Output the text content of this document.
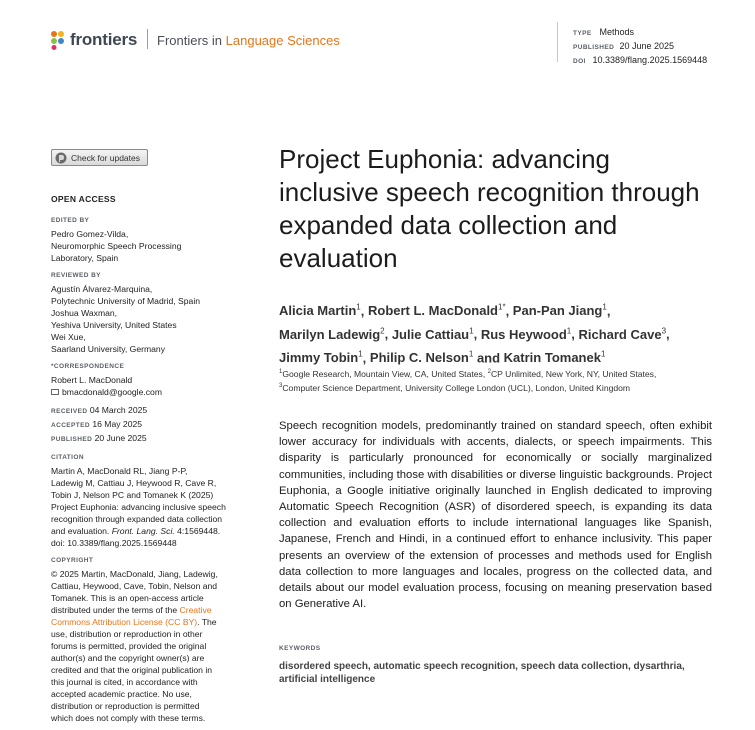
frontiers Frontiers in Language Sciences	TYPE Methods
PUBLISHED 20 June 2025
DOI 10.3389/flang.2025.1569448
Check for updates
OPEN ACCESS
EDITED BY
Pedro Gomez-Vilda,
Neuromorphic Speech Processing
Laboratory, Spain
REVIEWED BY
Agustín Álvarez-Marquina,
Polytechnic University of Madrid, Spain
Joshua Waxman,
Yeshiva University, United States
Wei Xue,
Saarland University, Germany
*CORRESPONDENCE
Robert L. MacDonald
bmacdonald@google.com
RECEIVED 04 March 2025
ACCEPTED 16 May 2025
PUBLISHED 20 June 2025
CITATION
Martin A, MacDonald RL, Jiang P-P,
Ladewig M, Cattiau J, Heywood R, Cave R,
Tobin J, Nelson PC and Tomanek K (2025)
Project Euphonia: advancing inclusive speech
recognition through expanded data collection
and evaluation. Front. Lang. Sci. 4:1569448.
doi: 10.3389/flang.2025.1569448
COPYRIGHT
© 2025 Martin, MacDonald, Jiang, Ladewig,
Cattiau, Heywood, Cave, Tobin, Nelson and
Tomanek. This is an open-access article
distributed under the terms of the Creative
Commons Attribution License (CC BY). The
use, distribution or reproduction in other
forums is permitted, provided the original
author(s) and the copyright owner(s) are
credited and that the original publication in
this journal is cited, in accordance with
accepted academic practice. No use,
distribution or reproduction is permitted
which does not comply with these terms.
Project Euphonia: advancing inclusive speech recognition through expanded data collection and evaluation
Alicia Martin$^1$, Robert L. MacDonald$^{1*}$, Pan-Pan Jiang$^1$,
Marilyn Ladewig$^2$, Julie Cattiau$^1$, Rus Heywood$^1$, Richard Cave$^3$,
Jimmy Tobin$^1$, Philip C. Nelson$^1$ and Katrin Tomanek$^1$
$^1$Google Research, Mountain View, CA, United States, $^2$CP Unlimited, New York, NY, United States,
$^3$Computer Science Department, University College London (UCL), London, United Kingdom

Speech recognition models, predominantly trained on standard speech, often exhibit lower accuracy for individuals with accents, dialects, or speech impairments. This disparity is particularly pronounced for economically or socially marginalized communities, including those with disabilities or diverse linguistic backgrounds. Project Euphonia, a Google initiative originally launched in English dedicated to improving Automatic Speech Recognition (ASR) of disordered speech, is expanding its data collection and evaluation efforts to include international languages like Spanish, Japanese, French and Hindi, in a continued effort to enhance inclusivity. This paper presents an overview of the extension of processes and methods used for English data collection to more languages and locales, progress on the collected data, and details about our model evaluation process, focusing on meaning preservation based on Generative AI.

KEYWORDS
disordered speech, automatic speech recognition, speech data collection, dysarthria, artificial intelligence
